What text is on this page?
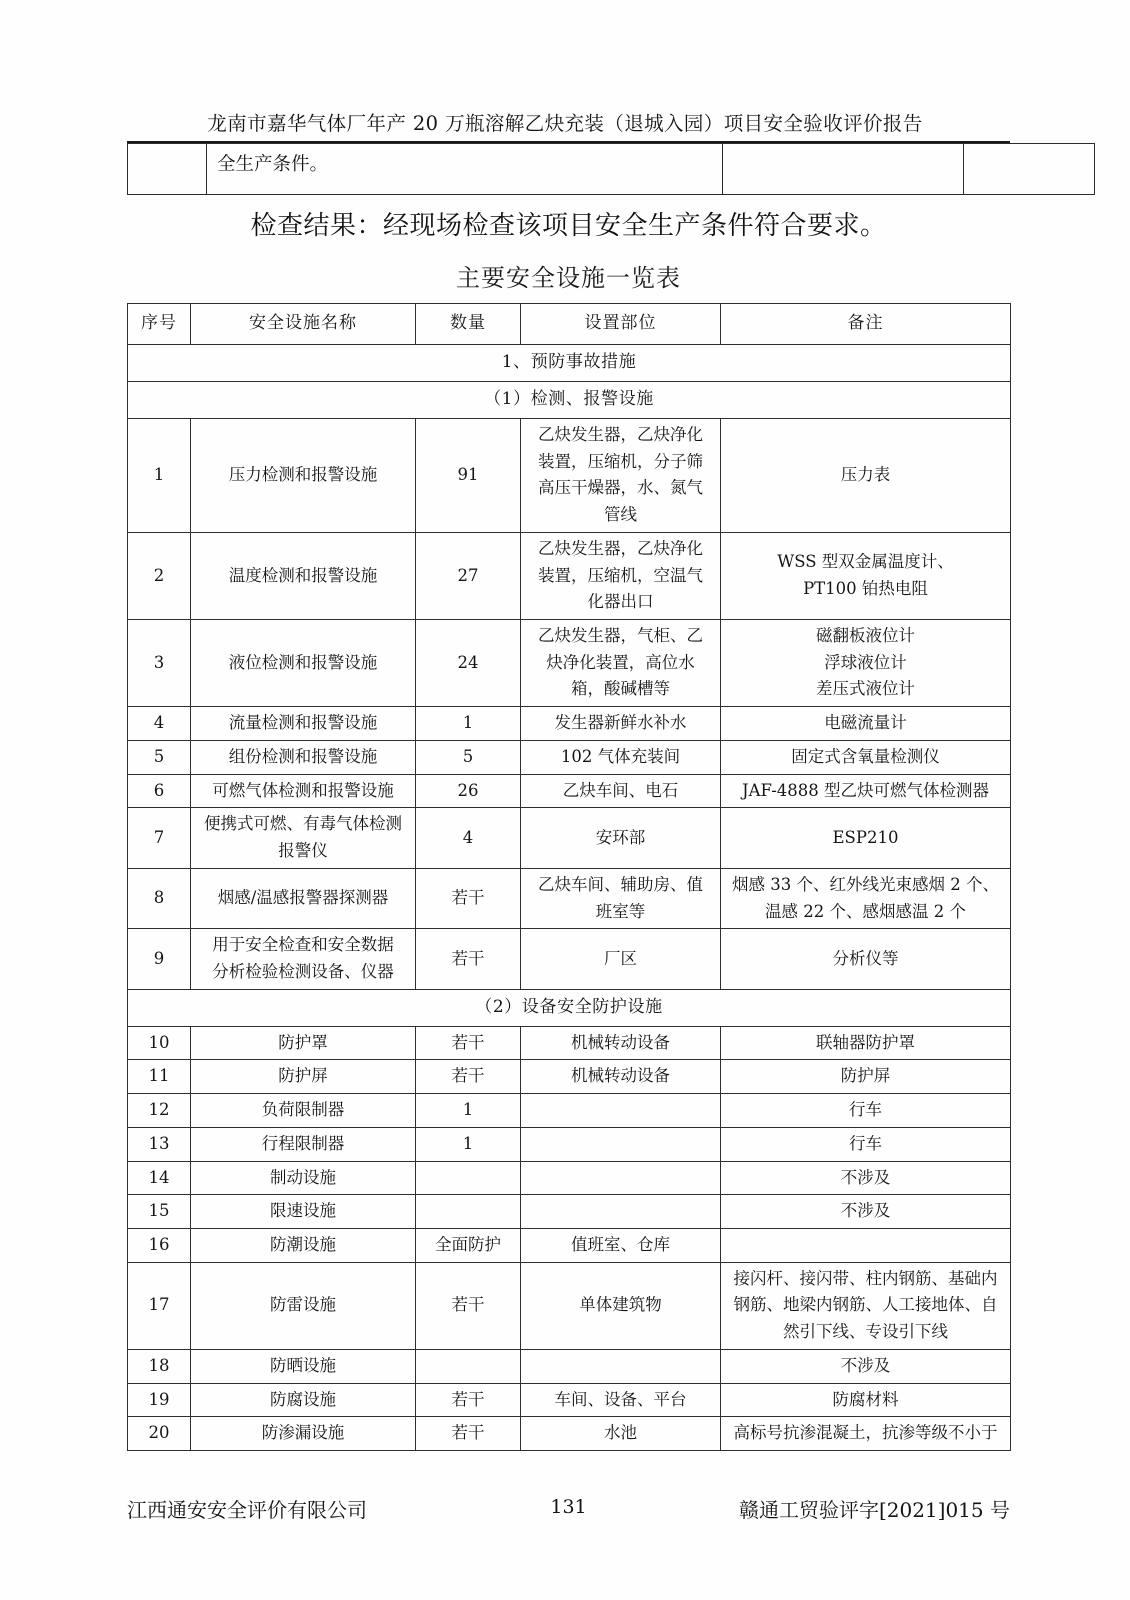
龙南市嘉华气体厂年产 20 万瓶溶解乙炔充装（退城入园）项目安全验收评价报告
	全生产条件。		
检查结果：经现场检查该项目安全生产条件符合要求。
主要安全设施一览表
序号	安全设施名称	数量	设置部位	备注
1、预防事故措施				
（1）检测、报警设施				
1	压力检测和报警设施	91	乙炔发生器，乙炔净化
装置，压缩机，分子筛
高压干燥器，水、氮气
管线	压力表

2	温度检测和报警设施	27	乙炔发生器，乙炔净化
装置，压缩机，空温气
化器出口	WSS 型双金属温度计、
PT100 铂热电阻

3	液位检测和报警设施	24	乙炔发生器，气柜、乙
炔净化装置，高位水
箱，酸碱槽等	磁翻板液位计
浮球液位计
差压式液位计

4	流量检测和报警设施	1	发生器新鲜水补水	电磁流量计

5	组份检测和报警设施	5	102 气体充装间	固定式含氧量检测仪

6	可燃气体检测和报警设施	26	乙炔车间、电石	JAF-4888 型乙炔可燃气体检测器

7	便携式可燃、有毒气体检测
报警仪	4	安环部	ESP210

8	烟感/温感报警器探测器	若干	乙炔车间、辅助房、值
班室等	烟感 33 个、红外线光束感烟 2 个、
温感 22 个、感烟感温 2 个

9	用于安全检查和安全数据
分析检验检测设备、仪器	若干	厂区	分析仪等

（2）设备安全防护设施				
10	防护罩	若干	机械转动设备	联轴器防护罩

11	防护屏	若干	机械转动设备	防护屏

12	负荷限制器	1		行车

13	行程限制器	1		行车

14	制动设施			不涉及

15	限速设施			不涉及

16	防潮设施	全面防护	值班室、仓库	

17	防雷设施	若干	单体建筑物	接闪杆、接闪带、柱内钢筋、基础内
钢筋、地梁内钢筋、人工接地体、自
然引下线、专设引下线

18	防晒设施			不涉及

19	防腐设施	若干	车间、设备、平台	防腐材料

20	防渗漏设施	若干	水池	高标号抗渗混凝土，抗渗等级不小于
江西通安安全评价有限公司	131	赣通工贸验评字[2021]015 号
